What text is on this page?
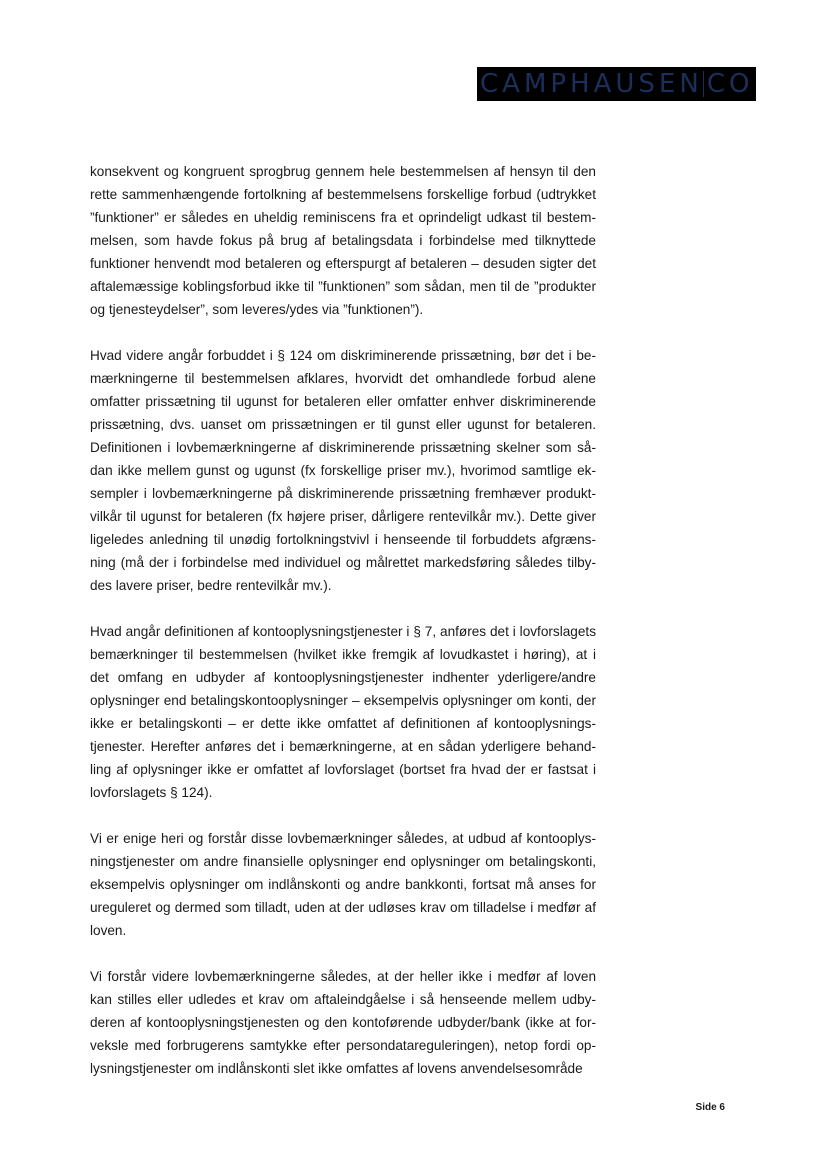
CAMPHAUSEN CO

konsekvent og kongruent sprogbrug gennem hele bestemmelsen af hensyn til den rette sammenhængende fortolkning af bestemmelsens forskellige forbud (udtrykket ”funktioner” er således en uheldig reminiscens fra et oprindeligt udkast til bestemmelsen, som havde fokus på brug af betalingsdata i forbindelse med tilknyttede funktioner henvendt mod betaleren og efterspurgt af betaleren – desuden sigter det aftalemæssige koblingsforbud ikke til ”funktionen” som sådan, men til de ”produkter og tjenesteydelser”, som leveres/ydes via ”funktionen”).

Hvad videre angår forbuddet i § 124 om diskriminerende prissætning, bør det i bemærkningerne til bestemmelsen afklares, hvorvidt det omhandlede forbud alene omfatter prissætning til ugunst for betaleren eller omfatter enhver diskriminerende prissætning, dvs. uanset om prissætningen er til gunst eller ugunst for betaleren. Definitionen i lovbemærkningerne af diskriminerende prissætning skelner som sådan ikke mellem gunst og ugunst (fx forskellige priser mv.), hvorimod samtlige eksempler i lovbemærkningerne på diskriminerende prissætning fremhæver produktvilkår til ugunst for betaleren (fx højere priser, dårligere rentevilkår mv.). Dette giver ligeledes anledning til unødig fortolkningstvivl i henseende til forbuddets afgrænsning (må der i forbindelse med individuel og målrettet markedsføring således tilbydes lavere priser, bedre rentevilkår mv.).

Hvad angår definitionen af kontooplysningstjenester i § 7, anføres det i lovforslagets bemærkninger til bestemmelsen (hvilket ikke fremgik af lovudkastet i høring), at i det omfang en udbyder af kontooplysningstjenester indhenter yderligere/andre oplysninger end betalingskontooplysninger – eksempelvis oplysninger om konti, der ikke er betalingskonti – er dette ikke omfattet af definitionen af kontooplysningstjenester. Herefter anføres det i bemærkningerne, at en sådan yderligere behandling af oplysninger ikke er omfattet af lovforslaget (bortset fra hvad der er fastsat i lovforslagets § 124).

Vi er enige heri og forstår disse lovbemærkninger således, at udbud af kontooplysningstjenester om andre finansielle oplysninger end oplysninger om betalingskonti, eksempelvis oplysninger om indlånskonti og andre bankkonti, fortsat må anses for ureguleret og dermed som tilladt, uden at der udløses krav om tilladelse i medfør af loven.

Vi forstår videre lovbemærkningerne således, at der heller ikke i medfør af loven kan stilles eller udledes et krav om aftaleindgåelse i så henseende mellem udbyderen af kontooplysningstjenesten og den kontoførende udbyder/bank (ikke at forveksle med forbrugerens samtykke efter persondatareguleringen), netop fordi oplysningstjenester om indlånskonti slet ikke omfattes af lovens anvendelsesområde

Side 6
